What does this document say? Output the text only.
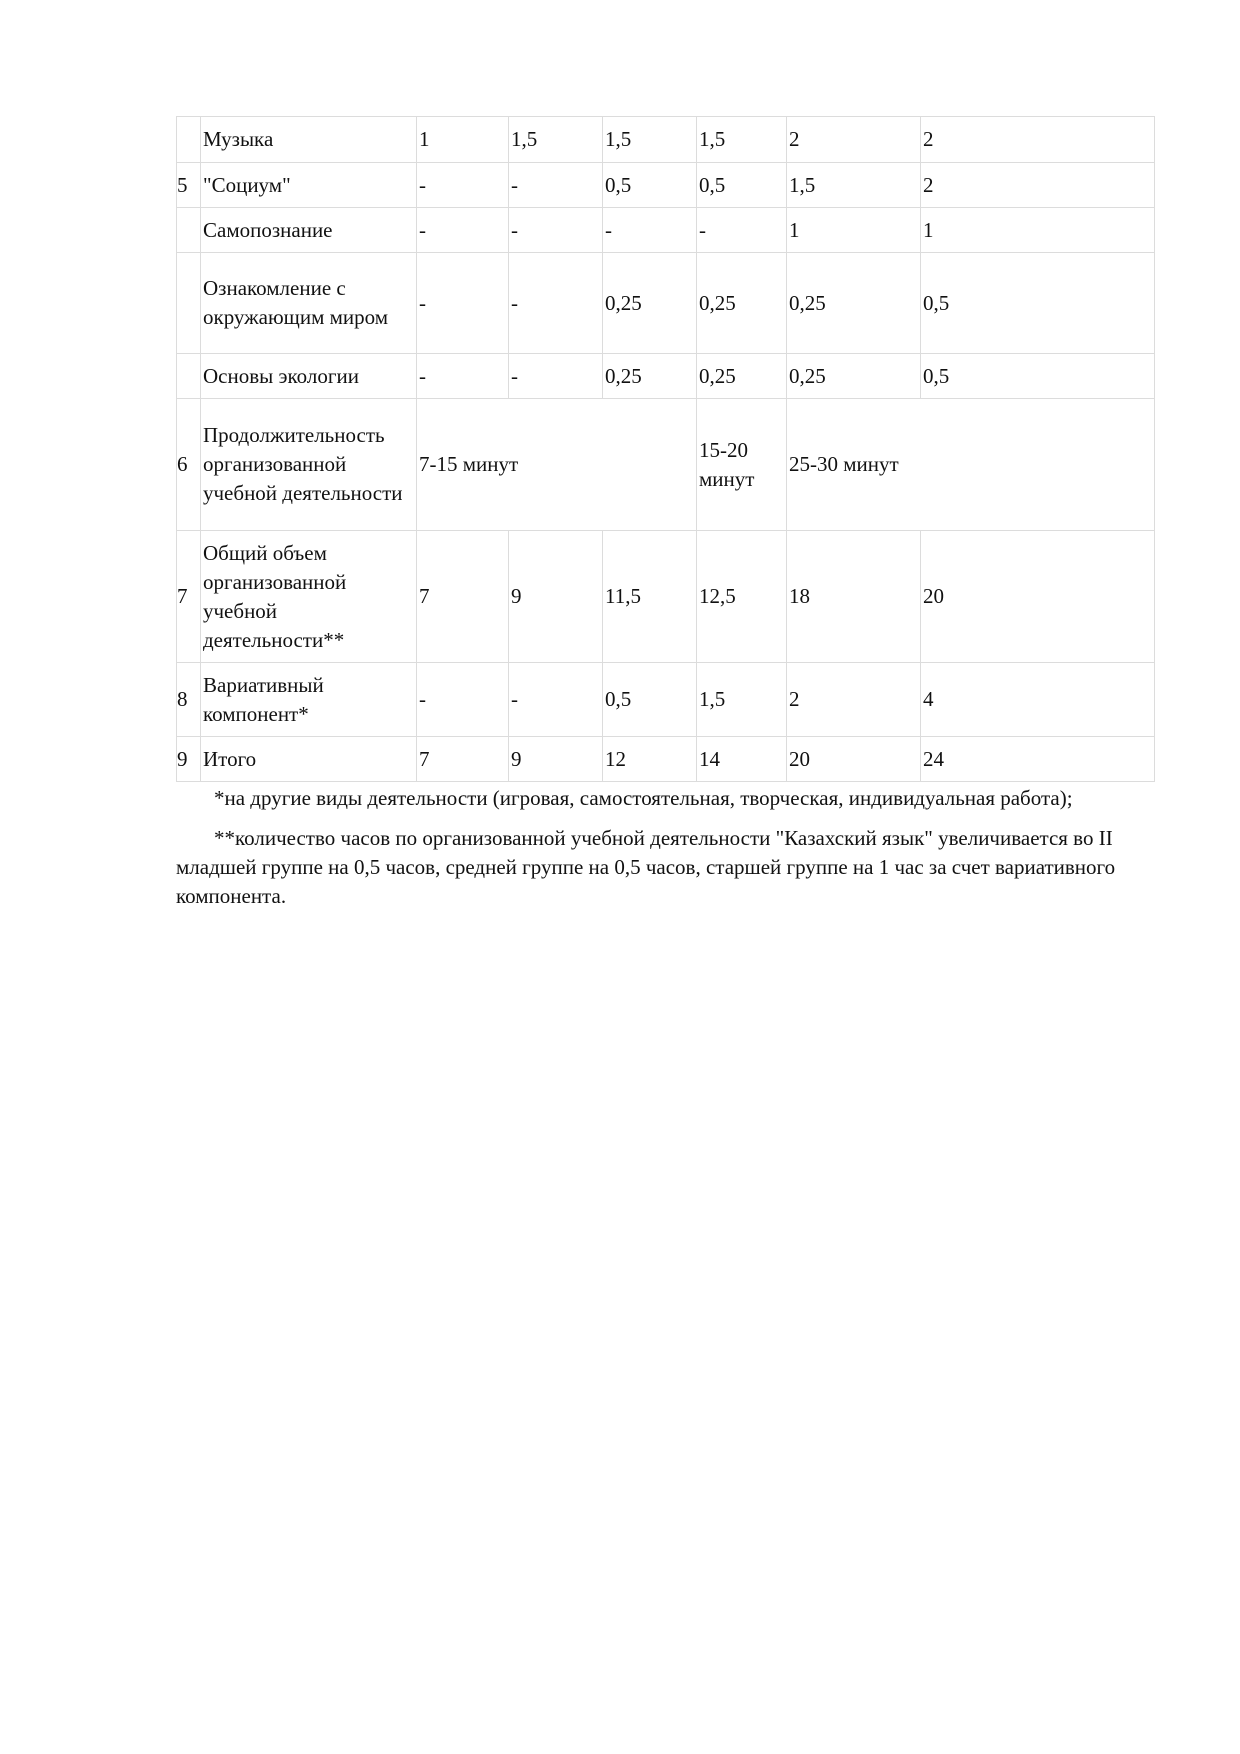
	Музыка	1	1,5	1,5	1,5	2	2
5	"Социум"	-	-	0,5	0,5	1,5	2
	Самопознание	-	-	-	-	1	1
	Ознакомление с окружающим миром	-	-	0,25	0,25	0,25	0,5
	Основы экологии	-	-	0,25	0,25	0,25	0,5
6	Продолжительность организованной учебной деятельности	7-15 минут			15-20 минут	25-30 минут	
7	Общий объем организованной учебной деятельности**	7	9	11,5	12,5	18	20
8	Вариативный компонент*	-	-	0,5	1,5	2	4
9	Итого	7	9	12	14	20	24

*на другие виды деятельности (игровая, самостоятельная, творческая, индивидуальная работа);

**количество часов по организованной учебной деятельности "Казахский язык" увеличивается во II младшей группе на 0,5 часов, средней группе на 0,5 часов, старшей группе на 1 час за счет вариативного компонента.
